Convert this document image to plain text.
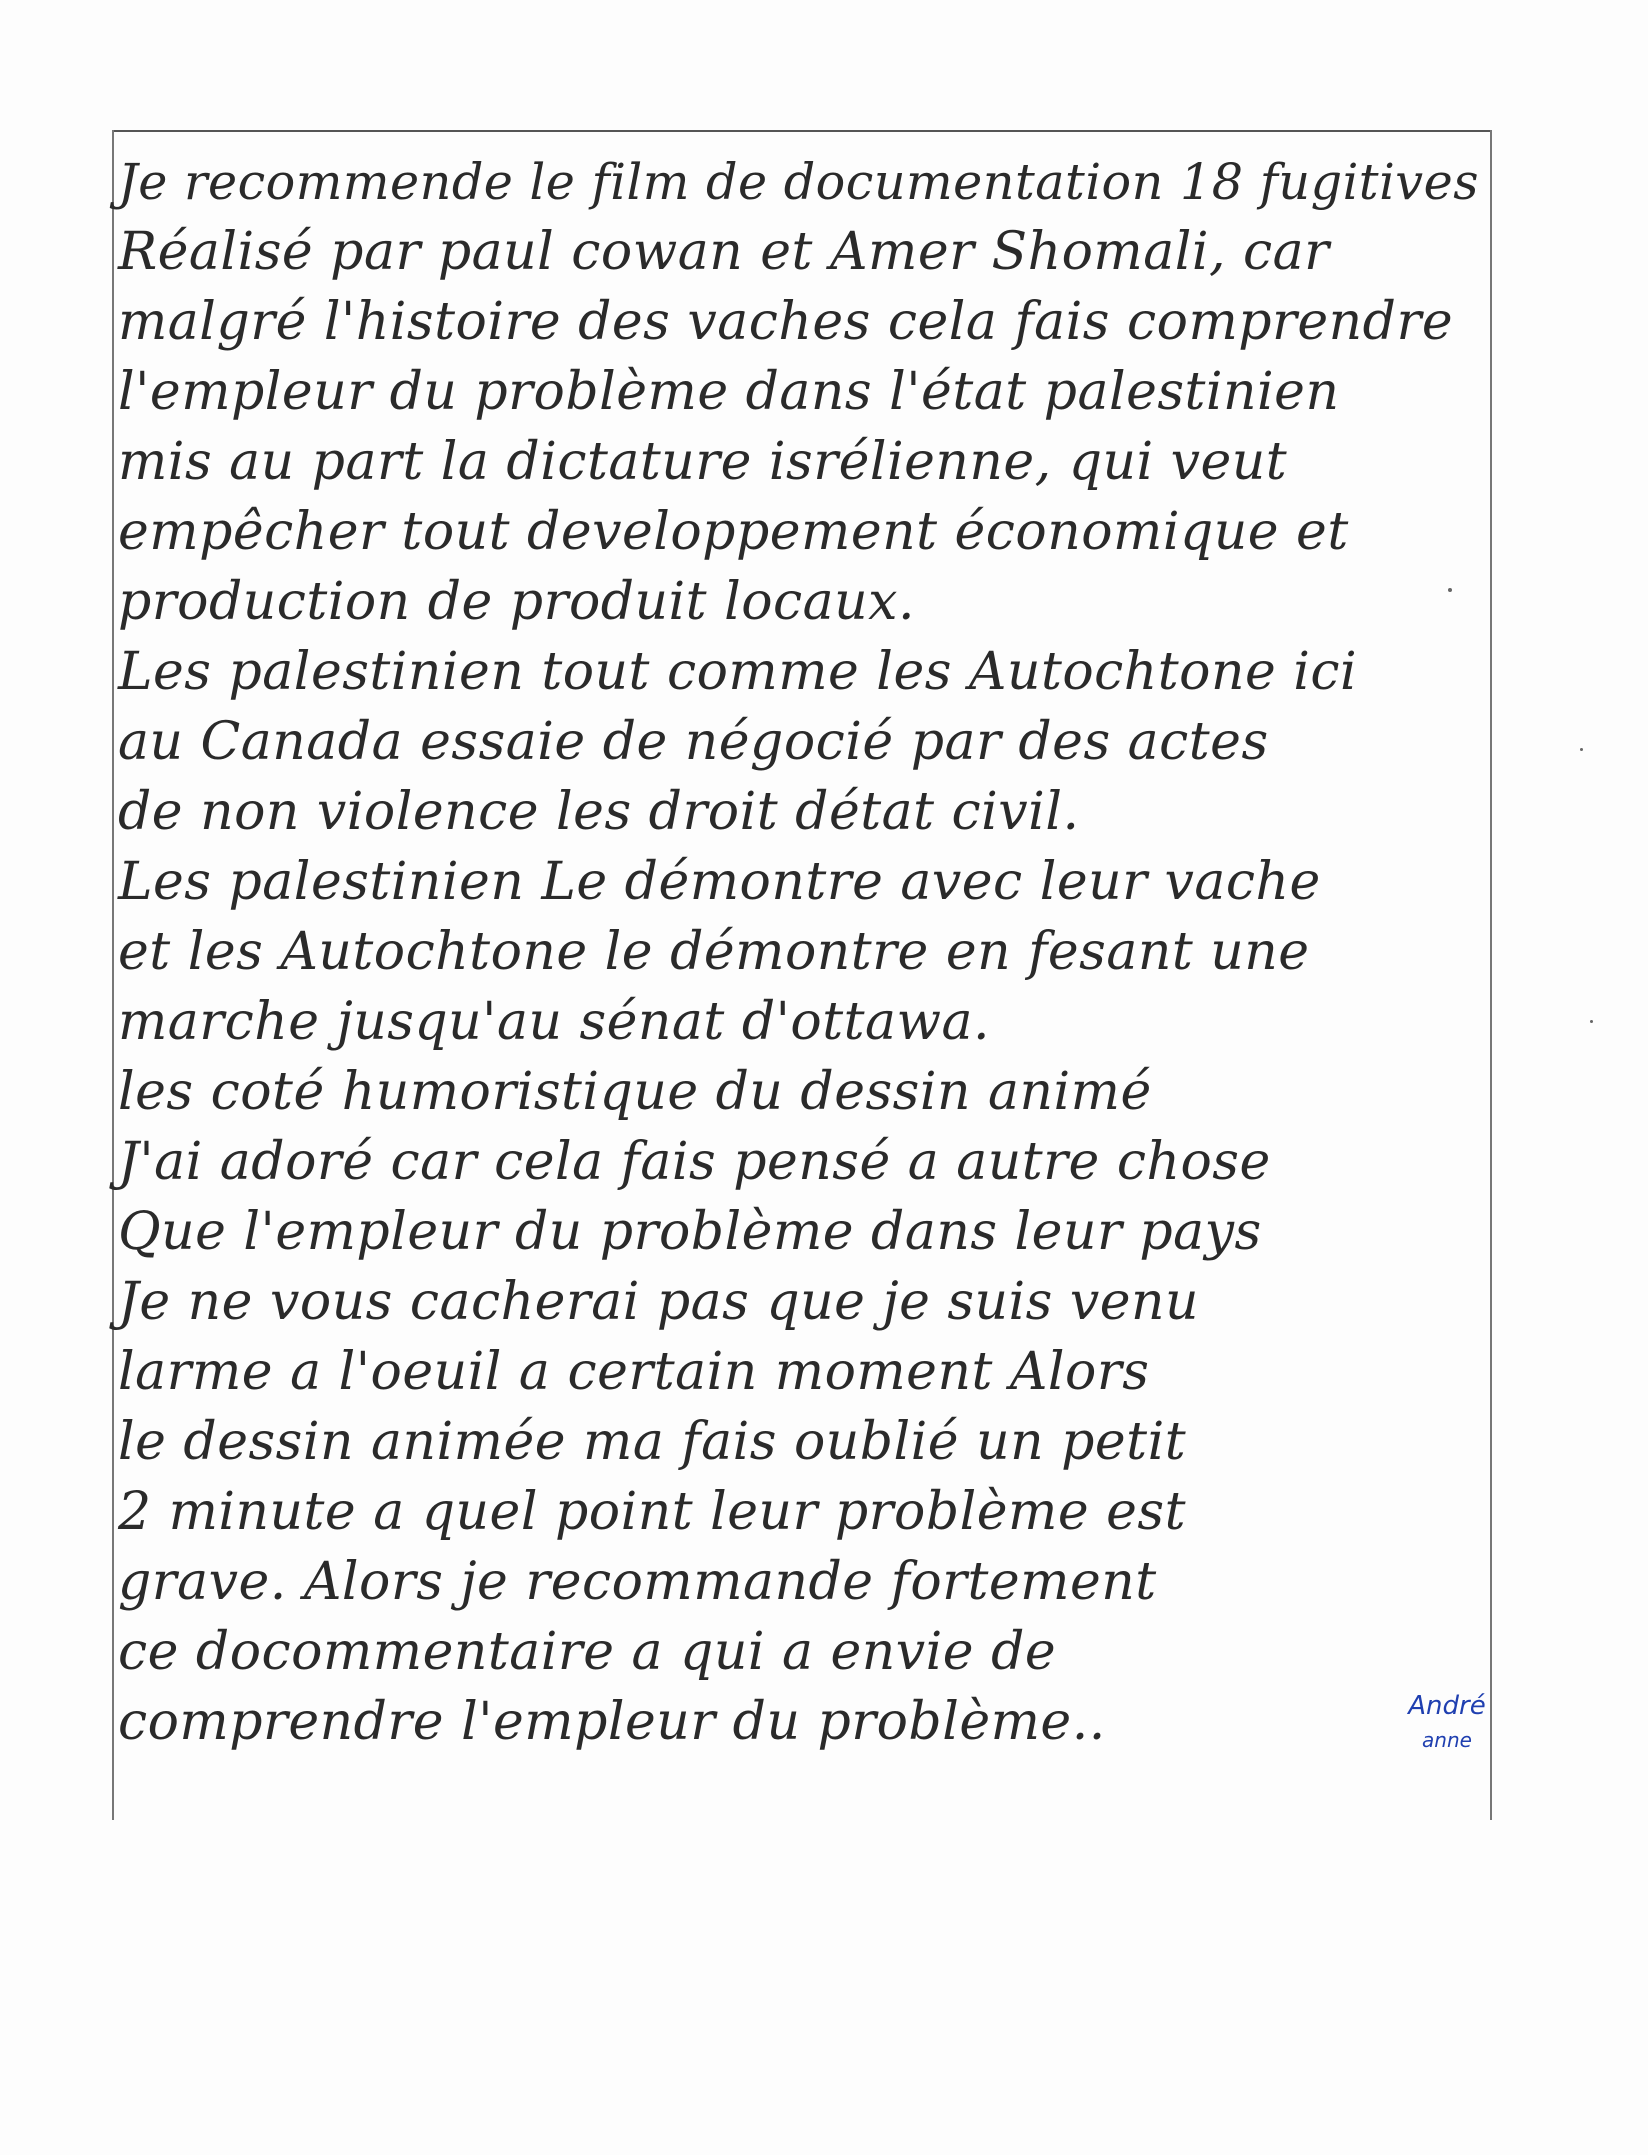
Je recommende le film de documentation 18 fugitives
Réalisé par paul cowan et Amer Shomali, car
malgré l'histoire des vaches cela fais comprendre
l'empleur du problème dans l'état palestinien
mis au part la dictature isrélienne, qui veut
empêcher tout developpement économique et
production de produit locaux.
Les palestinien tout comme les Autochtone ici
au Canada essaie de négocié par des actes
de non violence les droit détat civil.
Les palestinien Le démontre avec leur vache
et les Autochtone le démontre en fesant une
marche jusqu'au sénat d'ottawa.
les coté humoristique du dessin animé
J'ai adoré car cela fais pensé a autre chose
Que l'empleur du problème dans leur pays
Je ne vous cacherai pas que je suis venu
larme a l'oeuil a certain moment Alors
le dessin animée ma fais oublié un petit
2 minute a quel point leur problème est
grave. Alors je recommande fortement
ce docommentaire a qui a envie de
comprendre l'empleur du problème..	André
anne
